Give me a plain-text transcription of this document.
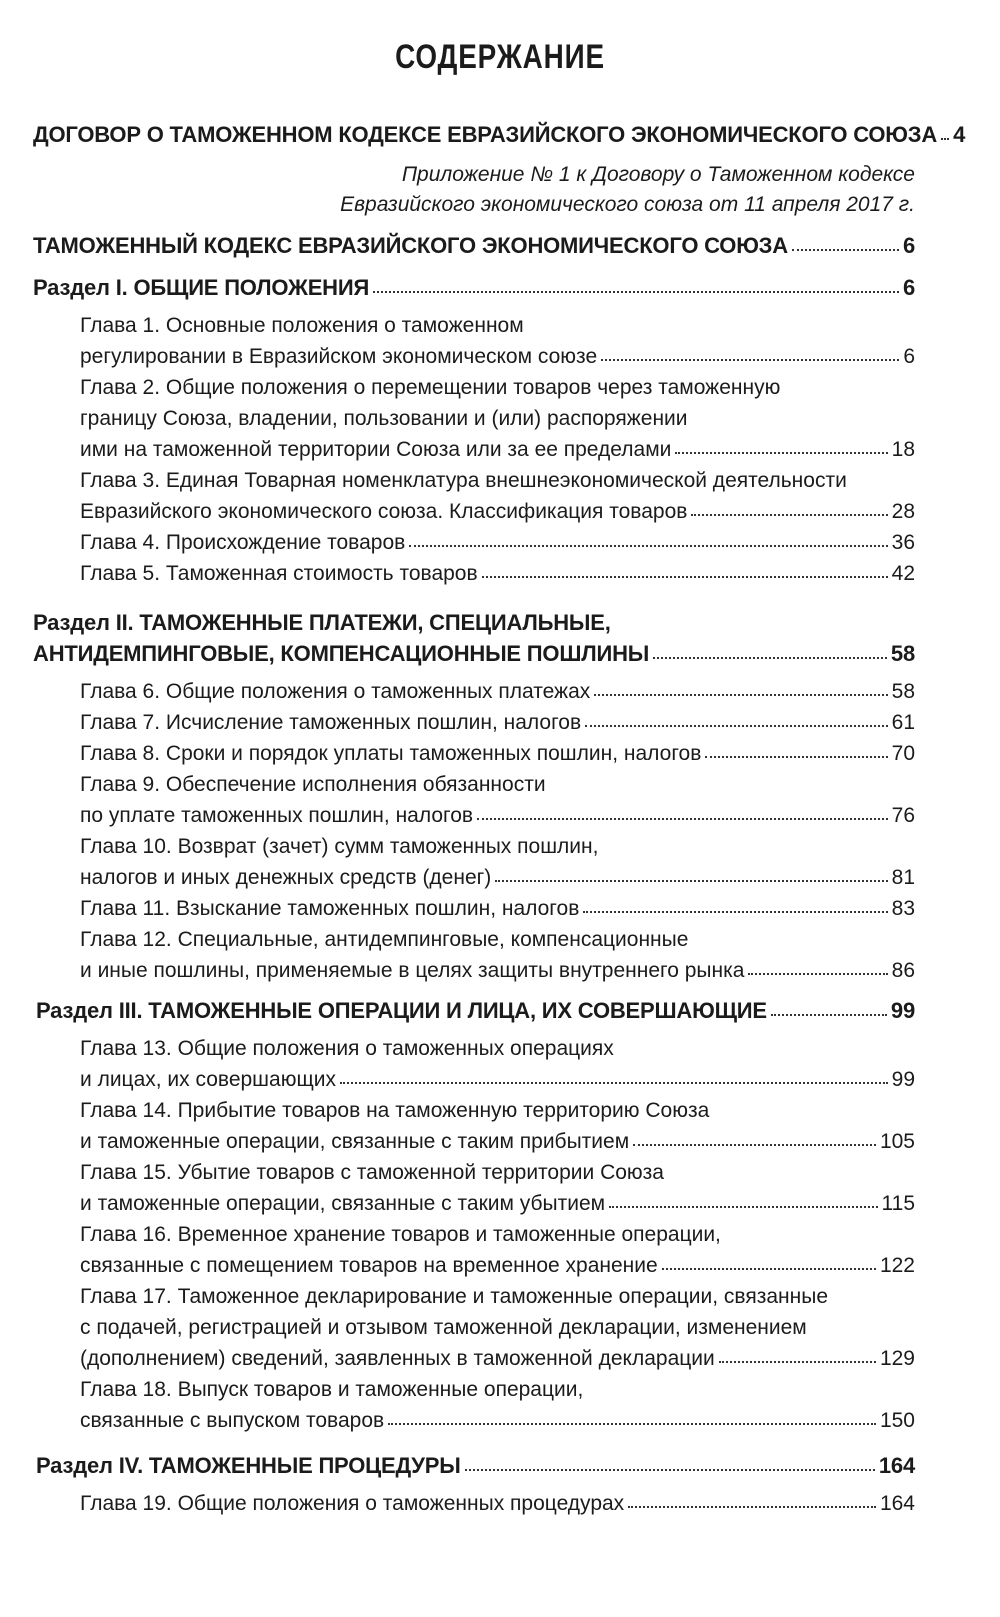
СОДЕРЖАНИЕ
ДОГОВОР О ТАМОЖЕННОМ КОДЕКСЕ ЕВРАЗИЙСКОГО ЭКОНОМИЧЕСКОГО СОЮЗА 4
Приложение № 1 к Договору о Таможенном кодексе
Евразийского экономического союза от 11 апреля 2017 г.
ТАМОЖЕННЫЙ КОДЕКС ЕВРАЗИЙСКОГО ЭКОНОМИЧЕСКОГО СОЮЗА	6
Раздел I. ОБЩИЕ ПОЛОЖЕНИЯ	6
Глава 1. Основные положения о таможенном
регулировании в Евразийском экономическом союзе	6
Глава 2. Общие положения о перемещении товаров через таможенную
границу Союза, владении, пользовании и (или) распоряжении
ими на таможенной территории Союза или за ее пределами	18
Глава 3. Единая Товарная номенклатура внешнеэкономической деятельности
Евразийского экономического союза. Классификация товаров	28
Глава 4. Происхождение товаров	36
Глава 5. Таможенная стоимость товаров	42
Раздел II. ТАМОЖЕННЫЕ ПЛАТЕЖИ, СПЕЦИАЛЬНЫЕ,
АНТИДЕМПИНГОВЫЕ, КОМПЕНСАЦИОННЫЕ ПОШЛИНЫ	58
Глава 6. Общие положения о таможенных платежах	58
Глава 7. Исчисление таможенных пошлин, налогов	61
Глава 8. Сроки и порядок уплаты таможенных пошлин, налогов	70
Глава 9. Обеспечение исполнения обязанности
по уплате таможенных пошлин, налогов	76
Глава 10. Возврат (зачет) сумм таможенных пошлин,
налогов и иных денежных средств (денег)	81
Глава 11. Взыскание таможенных пошлин, налогов	83
Глава 12. Специальные, антидемпинговые, компенсационные
и иные пошлины, применяемые в целях защиты внутреннего рынка	86
Раздел III. ТАМОЖЕННЫЕ ОПЕРАЦИИ И ЛИЦА, ИХ СОВЕРШАЮЩИЕ	99
Глава 13. Общие положения о таможенных операциях
и лицах, их совершающих	99
Глава 14. Прибытие товаров на таможенную территорию Союза
и таможенные операции, связанные с таким прибытием	105
Глава 15. Убытие товаров с таможенной территории Союза
и таможенные операции, связанные с таким убытием	115
Глава 16. Временное хранение товаров и таможенные операции,
связанные с помещением товаров на временное хранение	122
Глава 17. Таможенное декларирование и таможенные операции, связанные
с подачей, регистрацией и отзывом таможенной декларации, изменением
(дополнением) сведений, заявленных в таможенной декларации	129
Глава 18. Выпуск товаров и таможенные операции,
связанные с выпуском товаров	150
Раздел IV. ТАМОЖЕННЫЕ ПРОЦЕДУРЫ	164
Глава 19. Общие положения о таможенных процедурах	164
